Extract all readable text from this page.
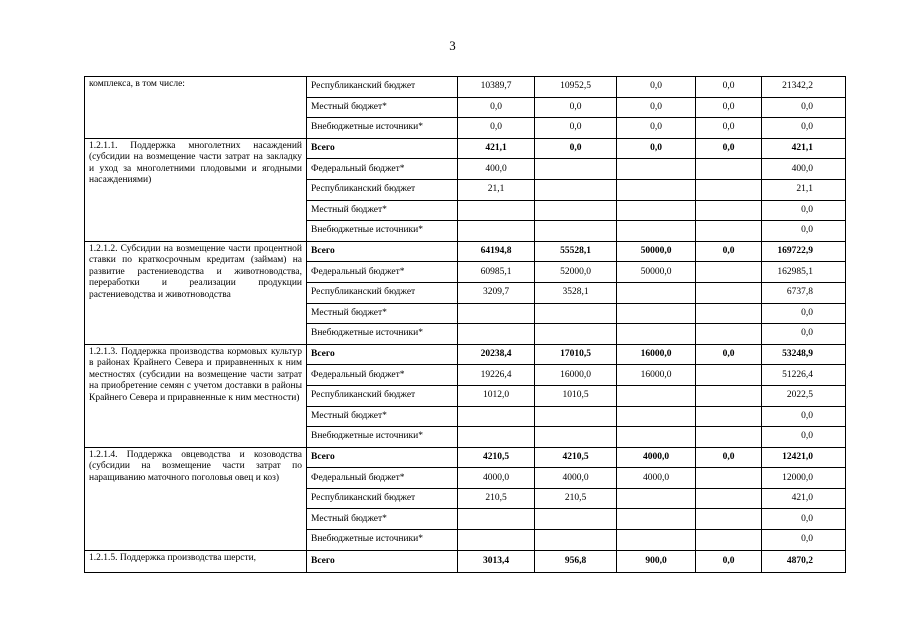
3
комплекса, в том числе:	Республиканский бюджет	10389,7	10952,5	0,0	0,0	21342,2
	Местный бюджет*	0,0	0,0	0,0	0,0	0,0
	Внебюджетные источники*	0,0	0,0	0,0	0,0	0,0
1.2.1.1. Поддержка многолетних насаждений (субсидии на возмещение части затрат на закладку и уход за многолетними плодовыми и ягодными насаждениями)	Всего	421,1	0,0	0,0	0,0	421,1
	Федеральный бюджет*	400,0				400,0
	Республиканский бюджет	21,1				21,1
	Местный бюджет*					0,0
	Внебюджетные источники*					0,0
1.2.1.2. Субсидии на возмещение части процентной ставки по краткосрочным кредитам (займам) на развитие растениеводства и животноводства, переработки и реализации продукции растениеводства и животноводства	Всего	64194,8	55528,1	50000,0	0,0	169722,9
	Федеральный бюджет*	60985,1	52000,0	50000,0		162985,1
	Республиканский бюджет	3209,7	3528,1			6737,8
	Местный бюджет*					0,0
	Внебюджетные источники*					0,0
1.2.1.3. Поддержка производства кормовых культур в районах Крайнего Севера и приравненных к ним местностях (субсидии на возмещение части затрат на приобретение семян с учетом доставки в районы Крайнего Севера и приравненные к ним местности)	Всего	20238,4	17010,5	16000,0	0,0	53248,9
	Федеральный бюджет*	19226,4	16000,0	16000,0		51226,4
	Республиканский бюджет	1012,0	1010,5			2022,5
	Местный бюджет*					0,0
	Внебюджетные источники*					0,0
1.2.1.4. Поддержка овцеводства и козоводства (субсидии на возмещение части затрат по наращиванию маточного поголовья овец и коз)	Всего	4210,5	4210,5	4000,0	0,0	12421,0
	Федеральный бюджет*	4000,0	4000,0	4000,0		12000,0
	Республиканский бюджет	210,5	210,5			421,0
	Местный бюджет*					0,0
	Внебюджетные источники*					0,0
1.2.1.5. Поддержка производства шерсти,	Всего	3013,4	956,8	900,0	0,0	4870,2
